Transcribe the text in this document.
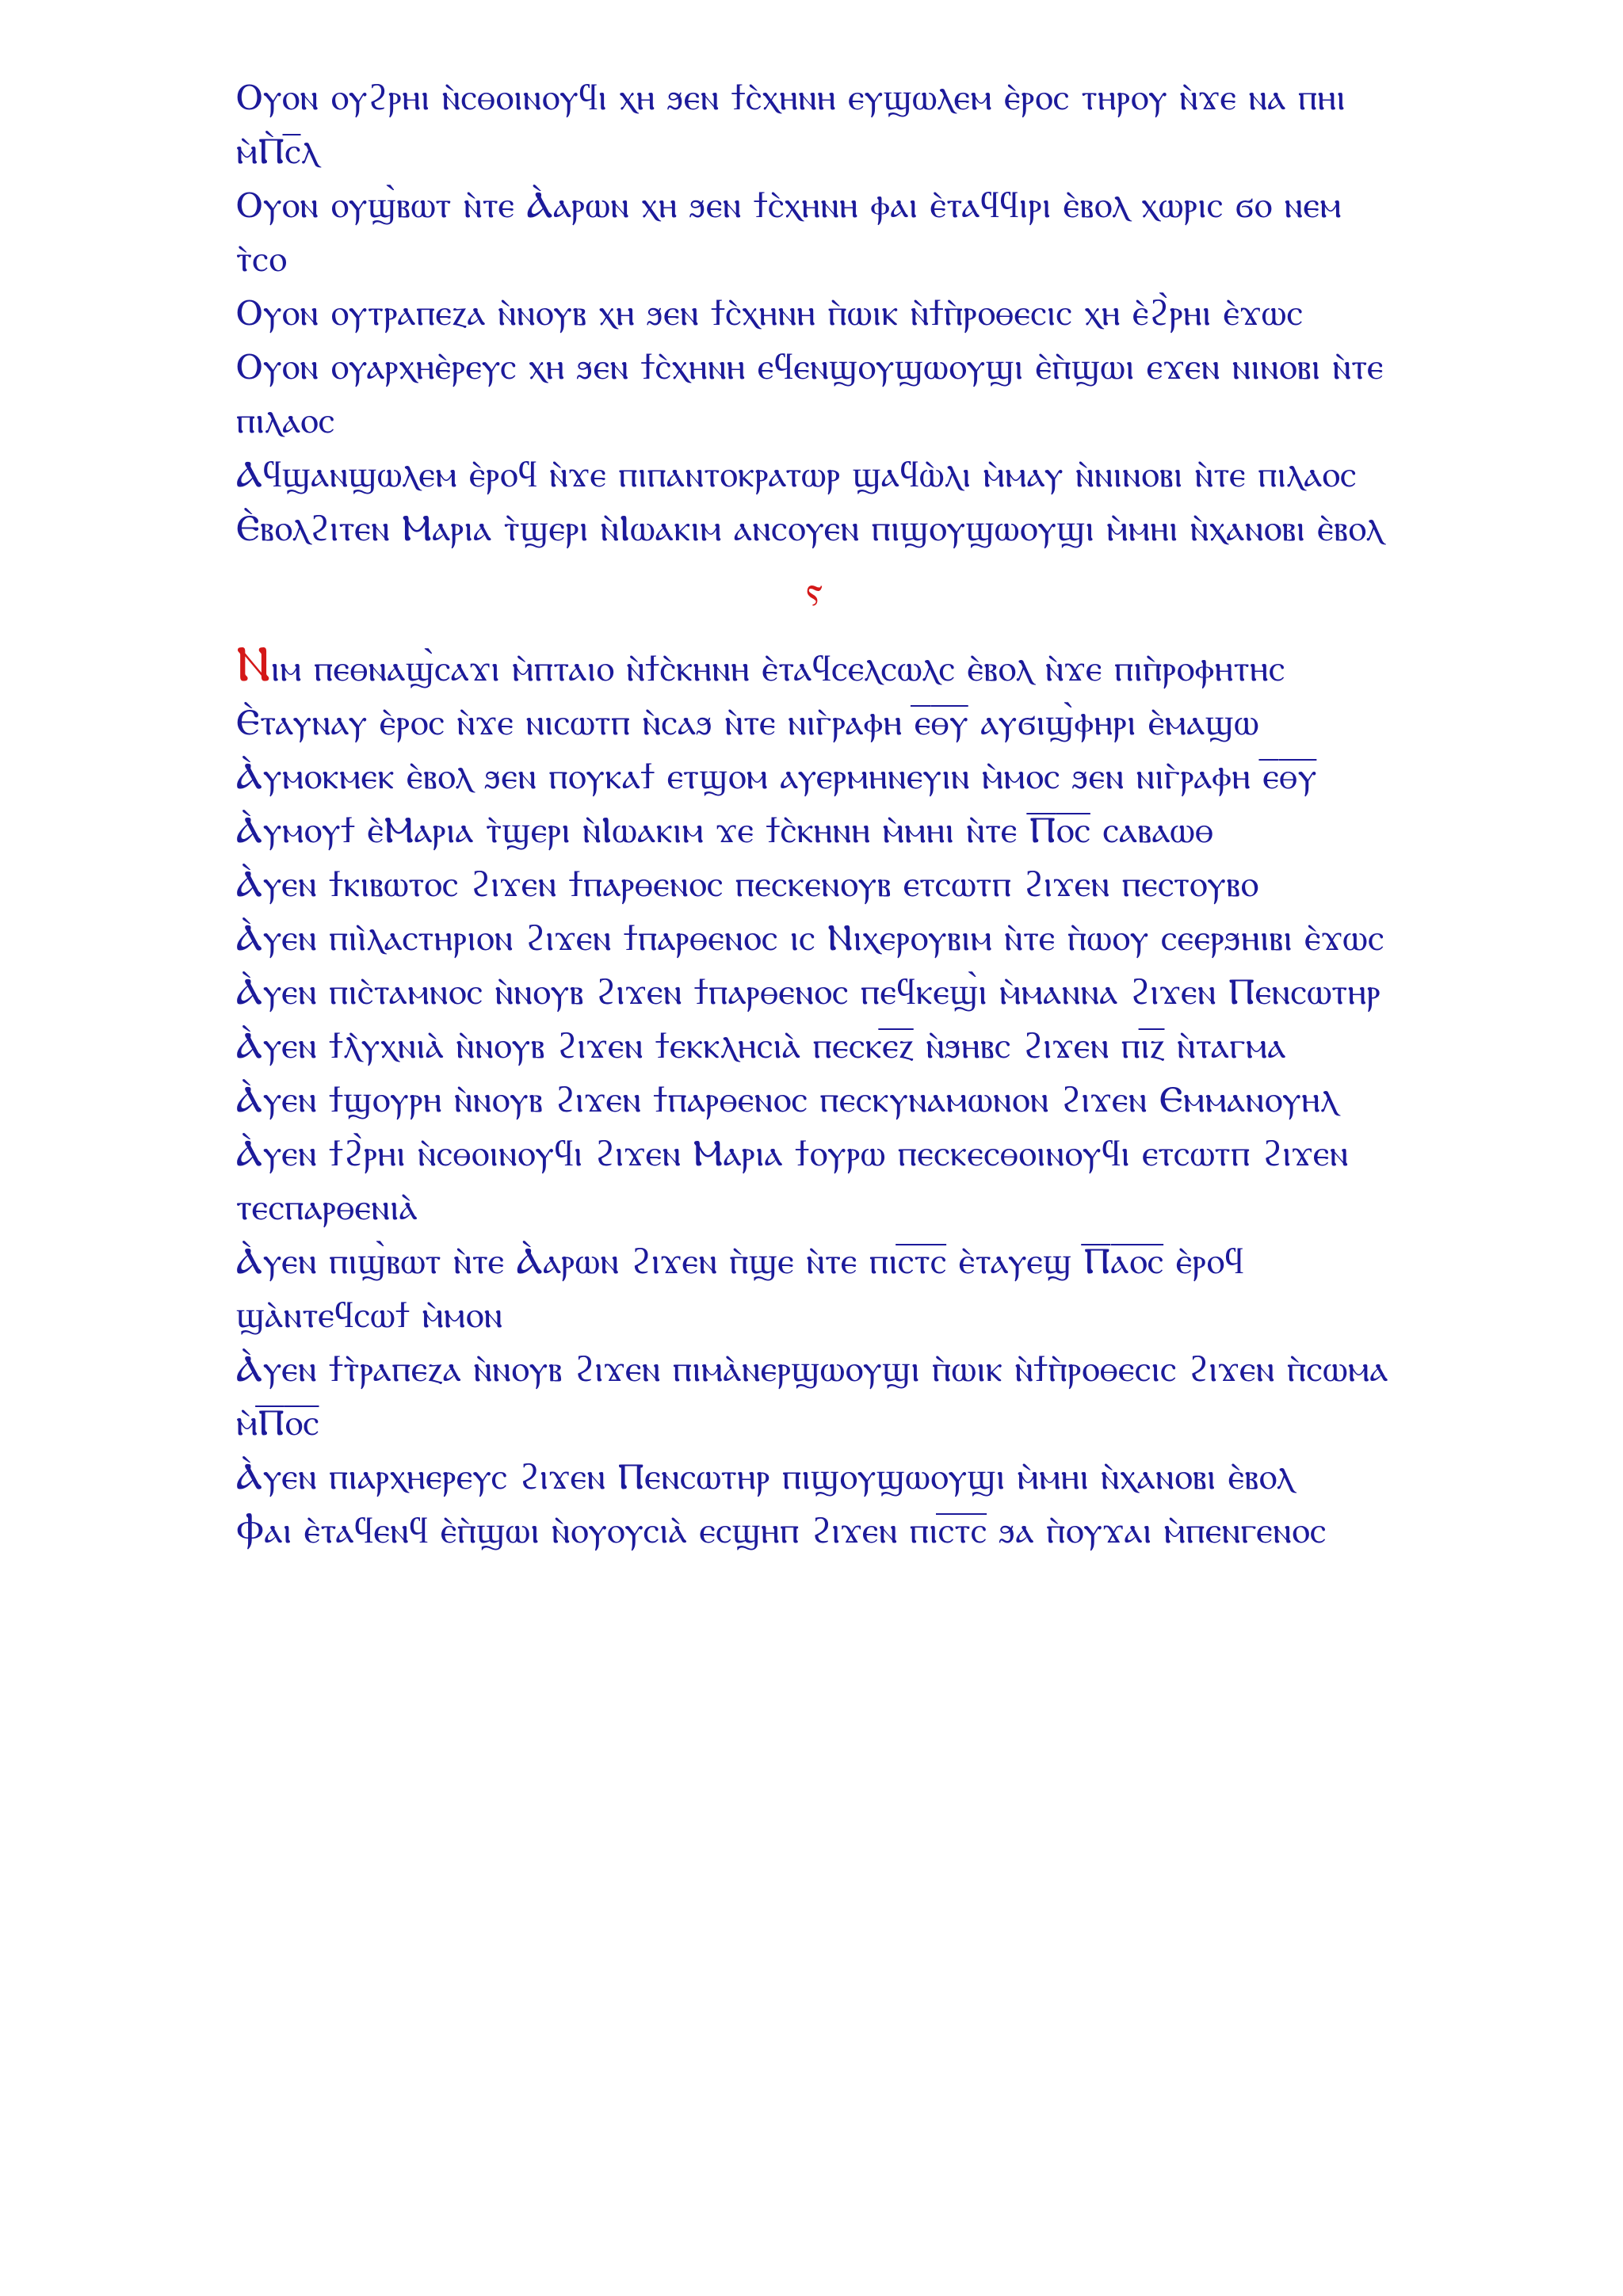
Ⲟⲩⲟⲛ ⲟⲩϩⲣⲏⲓ ⲛ̀ⲥⲑⲟⲓⲛⲟⲩϥⲓ ⲭⲏ ϧⲉⲛ ϯⲥ̀ⲭⲏⲛⲏ ⲉⲩϣⲱⲗⲉⲙ ⲉ̀ⲣⲟⲥ ⲧⲏⲣⲟⲩ ⲛ̀ϫⲉ ⲛⲁ ⲡⲏⲓ ⲙ̀Ⲡ̀ⲥ̅ⲗ

Ⲟⲩⲟⲛ ⲟⲩϣ̀ⲃⲱⲧ ⲛ̀ⲧⲉ Ⲁ̀ⲁⲣⲱⲛ ⲭⲏ ϧⲉⲛ ϯⲥ̀ⲭⲏⲛⲏ ⲫⲁⲓ ⲉ̀ⲧⲁϥϥⲓⲣⲓ ⲉ̀ⲃⲟⲗ ⲭⲱⲣⲓⲥ ϭⲟ ⲛⲉⲙ ⲧ̀ⲥⲟ

Ⲟⲩⲟⲛ ⲟⲩⲧⲣⲁⲡⲉⲍⲁ ⲛ̀ⲛⲟⲩⲃ ⲭⲏ ϧⲉⲛ ϯⲥ̀ⲭⲏⲛⲏ ⲡ̀ⲱⲓⲕ ⲛ̀ϯⲡ̀ⲣⲟⲑⲉⲥⲓⲥ ⲭⲏ ⲉ̀ϩ̀ⲣⲏⲓ ⲉ̀ϫⲱⲥ

Ⲟⲩⲟⲛ ⲟⲩⲁⲣⲭⲏⲉ̀ⲣⲉⲩⲥ ⲭⲏ ϧⲉⲛ ϯⲥ̀ⲭⲏⲛⲏ ⲉϥⲉⲛϣⲟⲩϣⲱⲟⲩϣⲓ ⲉ̀ⲡ̀ϣⲱⲓ ⲉϫⲉⲛ ⲛⲓⲛⲟⲃⲓ ⲛ̀ⲧⲉ ⲡⲓⲗⲁⲟⲥ

Ⲁϥϣⲁⲛϣⲱⲗⲉⲙ ⲉ̀ⲣⲟϥ ⲛ̀ϫⲉ ⲡⲓⲡⲁⲛⲧⲟⲕⲣⲁⲧⲱⲣ ϣⲁϥⲱ̀ⲗⲓ ⲙ̀ⲙⲁⲩ ⲛ̀ⲛⲓⲛⲟⲃⲓ ⲛ̀ⲧⲉ ⲡⲓⲗⲁⲟⲥ

Ⲉ̀ⲃⲟⲗϩⲓⲧⲉⲛ Ⲙⲁⲣⲓⲁ ⲧ̀ϣⲉⲣⲓ ⲛ̀Ⲓⲱⲁⲕⲓⲙ ⲁⲛⲥⲟⲩⲉⲛ ⲡⲓϣⲟⲩϣⲱⲟⲩϣⲓ ⲙ̀ⲙⲏⲓ ⲛ̀ⲭⲁⲛⲟⲃⲓ ⲉ̀ⲃⲟⲗ

ⲋ

Ⲛⲓⲙ ⲡⲉⲑⲛⲁϣ̀ⲥⲁϫⲓ ⲙ̀ⲡⲧⲁⲓⲟ ⲛ̀ϯⲥ̀ⲕⲏⲛⲏ ⲉ̀ⲧⲁϥⲥⲉⲗⲥⲱⲗⲥ ⲉ̀ⲃⲟⲗ ⲛ̀ϫⲉ ⲡⲓⲡ̀ⲣⲟⲫⲏⲧⲏⲥ

Ⲉ̀ⲧⲁⲩⲛⲁⲩ ⲉ̀ⲣⲟⲥ ⲛ̀ϫⲉ ⲛⲓⲥⲱⲧⲡ ⲛ̀ⲥⲁϧ ⲛ̀ⲧⲉ ⲛⲓⲅ̀ⲣⲁⲫⲏ ⲉ̅ⲑ̅ⲩ̅ ⲁⲩϭⲓϣ̀ⲫⲏⲣⲓ ⲉ̀ⲙⲁϣⲱ

Ⲁ̀ⲩⲙⲟⲕⲙⲉⲕ ⲉ̀ⲃⲟⲗ ϧⲉⲛ ⲡⲟⲩⲕⲁϯ ⲉⲧϣⲟⲙ ⲁⲩⲉⲣⲙⲏⲛⲉⲩⲓⲛ ⲙ̀ⲙⲟⲥ ϧⲉⲛ ⲛⲓⲅ̀ⲣⲁⲫⲏ ⲉ̅ⲑ̅ⲩ̅

Ⲁ̀ⲩⲙⲟⲩϯ ⲉ̀Ⲙⲁⲣⲓⲁ ⲧ̀ϣⲉⲣⲓ ⲛ̀Ⲓⲱⲁⲕⲓⲙ ϫⲉ ϯⲥ̀ⲕⲏⲛⲏ ⲙ̀ⲙⲏⲓ ⲛ̀ⲧⲉ Ⲡ̅ⲟ̅ⲥ̅ ⲥⲁⲃⲁⲱⲑ

Ⲁ̀ⲩⲉⲛ ϯⲕⲓⲃⲱⲧⲟⲥ ϩⲓϫⲉⲛ ϯⲡⲁⲣⲑⲉⲛⲟⲥ ⲡⲉⲥⲕⲉⲛⲟⲩⲃ ⲉⲧⲥⲱⲧⲡ ϩⲓϫⲉⲛ ⲡⲉⲥⲧⲟⲩⲃⲟ

Ⲁ̀ⲩⲉⲛ ⲡⲓⲓ̀ⲗⲁⲥⲧⲏⲣⲓⲟⲛ ϩⲓϫⲉⲛ ϯⲡⲁⲣⲑⲉⲛⲟⲥ ⲓⲥ Ⲛⲓⲭⲉⲣⲟⲩⲃⲓⲙ ⲛ̀ⲧⲉ ⲡ̀ⲱⲟⲩ ⲥⲉⲉⲣϧⲏⲓⲃⲓ ⲉ̀ϫⲱⲥ

Ⲁ̀ⲩⲉⲛ ⲡⲓⲥ̀ⲧⲁⲙⲛⲟⲥ ⲛ̀ⲛⲟⲩⲃ ϩⲓϫⲉⲛ ϯⲡⲁⲣⲑⲉⲛⲟⲥ ⲡⲉϥⲕⲉϣ̀ⲓ ⲙ̀ⲙⲁⲛⲛⲁ ϩⲓϫⲉⲛ Ⲡⲉⲛⲥⲱⲧⲏⲣ

Ⲁ̀ⲩⲉⲛ ϯⲗ̀ⲩⲭⲛⲓⲁ̀ ⲛ̀ⲛⲟⲩⲃ ϩⲓϫⲉⲛ ϯⲉⲕⲕⲗⲏⲥⲓⲁ̀ ⲡⲉⲥⲕⲉ̅ⲍ̅ ⲛ̀ϧⲏⲃⲥ ϩⲓϫⲉⲛ ⲡⲓ̅ⲍ̅ ⲛ̀ⲧⲁⲅⲙⲁ

Ⲁ̀ⲩⲉⲛ ϯϣⲟⲩⲣⲏ ⲛ̀ⲛⲟⲩⲃ ϩⲓϫⲉⲛ ϯⲡⲁⲣⲑⲉⲛⲟⲥ ⲡⲉⲥⲕⲩⲛⲁⲙⲱⲛⲟⲛ ϩⲓϫⲉⲛ Ⲉⲙⲙⲁⲛⲟⲩⲏⲗ

Ⲁ̀ⲩⲉⲛ ϯϩ̀ⲣⲏⲓ ⲛ̀ⲥⲑⲟⲓⲛⲟⲩϥⲓ ϩⲓϫⲉⲛ Ⲙⲁⲣⲓⲁ ϯⲟⲩⲣⲱ ⲡⲉⲥⲕⲉⲥⲑⲟⲓⲛⲟⲩϥⲓ ⲉⲧⲥⲱⲧⲡ ϩⲓϫⲉⲛ ⲧⲉⲥⲡⲁⲣⲑⲉⲛⲓⲁ̀

Ⲁ̀ⲩⲉⲛ ⲡⲓϣ̀ⲃⲱⲧ ⲛ̀ⲧⲉ Ⲁ̀ⲁⲣⲱⲛ ϩⲓϫⲉⲛ ⲡ̀ϣⲉ ⲛ̀ⲧⲉ ⲡⲓⲥ̅ⲧ̅ⲥ̅ ⲉ̀ⲧⲁⲩⲉϣ Ⲡ̅ⲁ̅ⲟ̅ⲥ̅ ⲉ̀ⲣⲟϥ ϣⲁ̀ⲛⲧⲉϥⲥⲱϯ ⲙ̀ⲙⲟⲛ

Ⲁ̀ⲩⲉⲛ ϯⲧ̀ⲣⲁⲡⲉⲍⲁ ⲛ̀ⲛⲟⲩⲃ ϩⲓϫⲉⲛ ⲡⲓⲙⲁ̀ⲛⲉⲣϣⲱⲟⲩϣⲓ ⲡ̀ⲱⲓⲕ ⲛ̀ϯⲡ̀ⲣⲟⲑⲉⲥⲓⲥ ϩⲓϫⲉⲛ ⲡ̀ⲥⲱⲙⲁ ⲙ̀Ⲡ̅ⲟ̅ⲥ̅

Ⲁ̀ⲩⲉⲛ ⲡⲓⲁⲣⲭⲏⲉⲣⲉⲩⲥ ϩⲓϫⲉⲛ Ⲡⲉⲛⲥⲱⲧⲏⲣ ⲡⲓϣⲟⲩϣⲱⲟⲩϣⲓ ⲙ̀ⲙⲏⲓ ⲛ̀ⲭⲁⲛⲟⲃⲓ ⲉ̀ⲃⲟⲗ

Ⲫⲁⲓ ⲉ̀ⲧⲁϥⲉⲛϥ ⲉ̀ⲡ̀ϣⲱⲓ ⲛ̀ⲟⲩⲟⲩⲥⲓⲁ̀ ⲉⲥϣⲏⲡ ϩⲓϫⲉⲛ ⲡⲓⲥ̅ⲧ̅ⲥ̅ ϧⲁ ⲡ̀ⲟⲩϫⲁⲓ ⲙ̀ⲡⲉⲛⲅⲉⲛⲟⲥ
